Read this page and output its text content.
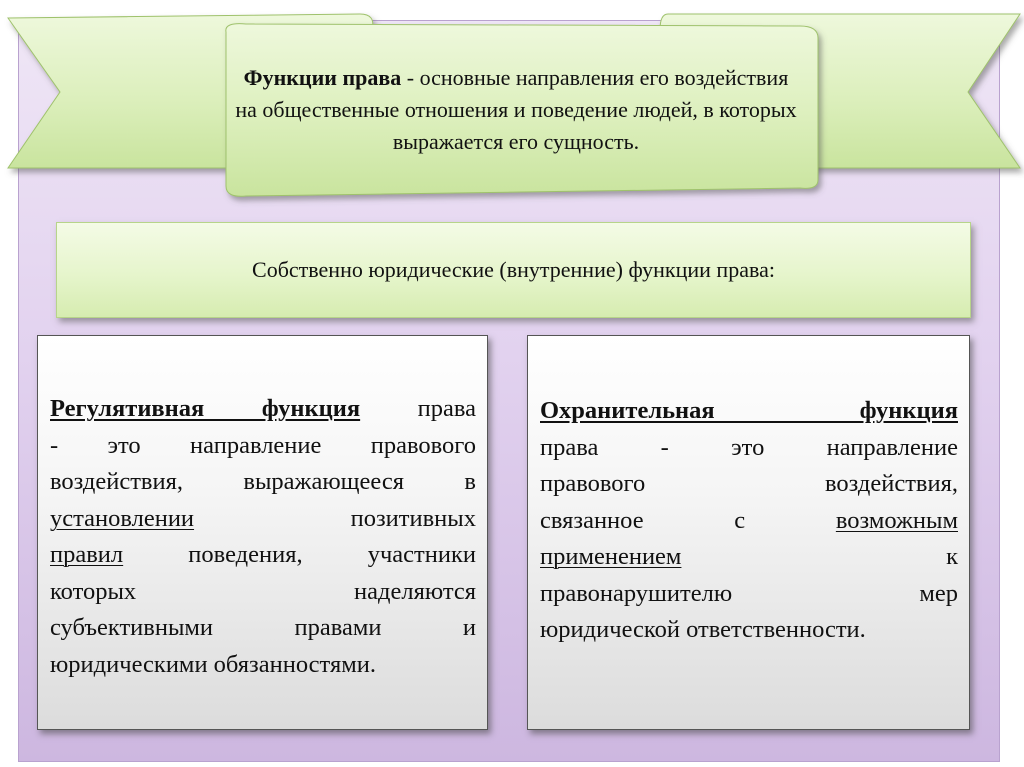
Функции права - основные направления его воздействия на общественные отношения и поведение людей, в которых выражается его сущность.
Собственно юридические (внутренние) функции права:
Регулятивная функция права
- это направление правового
воздействия, выражающееся в
установлении	позитивных
правил поведения, участники
которых наделяются
субъективными правами и
юридическими обязанностями.
Охранительная функция
права - это направление
правового воздействия,
связанное с	возможным
применением к
правонарушителю мер
юридической ответственности.
